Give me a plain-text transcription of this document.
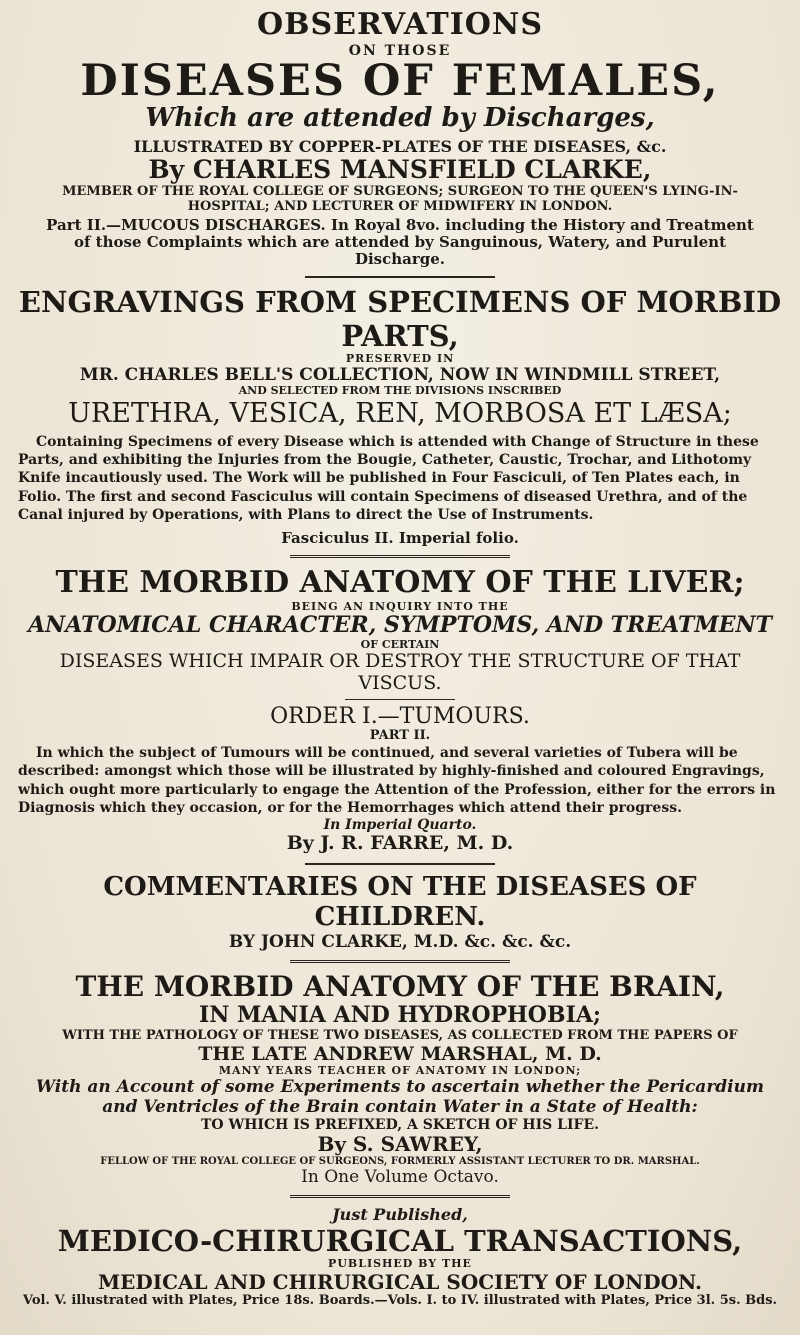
OBSERVATIONS

ON THOSE

DISEASES OF FEMALES,

Which are attended by Discharges,

ILLUSTRATED BY COPPER-PLATES OF THE DISEASES, &c.

By CHARLES MANSFIELD CLARKE,

MEMBER OF THE ROYAL COLLEGE OF SURGEONS; SURGEON TO THE QUEEN'S LYING-IN-HOSPITAL; AND LECTURER OF MIDWIFERY IN LONDON.

Part II.—MUCOUS DISCHARGES. In Royal 8vo. including the History and Treatment of those Complaints which are attended by Sanguinous, Watery, and Purulent Discharge.

ENGRAVINGS FROM SPECIMENS OF MORBID PARTS,

PRESERVED IN

MR. CHARLES BELL'S COLLECTION, NOW IN WINDMILL STREET,

AND SELECTED FROM THE DIVISIONS INSCRIBED

URETHRA, VESICA, REN, MORBOSA ET LÆSA;

Containing Specimens of every Disease which is attended with Change of Structure in these Parts, and exhibiting the Injuries from the Bougie, Catheter, Caustic, Trochar, and Lithotomy Knife incautiously used. The Work will be published in Four Fasciculi, of Ten Plates each, in Folio. The first and second Fasciculus will contain Specimens of diseased Urethra, and of the Canal injured by Operations, with Plans to direct the Use of Instruments.

Fasciculus II. Imperial folio.

THE MORBID ANATOMY OF THE LIVER;

BEING AN INQUIRY INTO THE

ANATOMICAL CHARACTER, SYMPTOMS, AND TREATMENT

OF CERTAIN

DISEASES WHICH IMPAIR OR DESTROY THE STRUCTURE OF THAT VISCUS.

ORDER I.—TUMOURS.

PART II.

In which the subject of Tumours will be continued, and several varieties of Tubera will be described: amongst which those will be illustrated by highly-finished and coloured Engravings, which ought more particularly to engage the Attention of the Profession, either for the errors in Diagnosis which they occasion, or for the Hemorrhages which attend their progress.

In Imperial Quarto.

By J. R. FARRE, M. D.

COMMENTARIES ON THE DISEASES OF CHILDREN.

BY JOHN CLARKE, M.D. &c. &c. &c.

THE MORBID ANATOMY OF THE BRAIN,

IN MANIA AND HYDROPHOBIA;

WITH THE PATHOLOGY OF THESE TWO DISEASES, AS COLLECTED FROM THE PAPERS OF

THE LATE ANDREW MARSHAL, M. D.

MANY YEARS TEACHER OF ANATOMY IN LONDON;

With an Account of some Experiments to ascertain whether the Pericardium and Ventricles of the Brain contain Water in a State of Health:

TO WHICH IS PREFIXED, A SKETCH OF HIS LIFE.

By S. SAWREY,

FELLOW OF THE ROYAL COLLEGE OF SURGEONS, FORMERLY ASSISTANT LECTURER TO DR. MARSHAL.

In One Volume Octavo.

Just Published,

MEDICO-CHIRURGICAL TRANSACTIONS,

PUBLISHED BY THE

MEDICAL AND CHIRURGICAL SOCIETY OF LONDON.

Vol. V. illustrated with Plates, Price 18s. Boards.—Vols. I. to IV. illustrated with Plates, Price 3l. 5s. Bds.
